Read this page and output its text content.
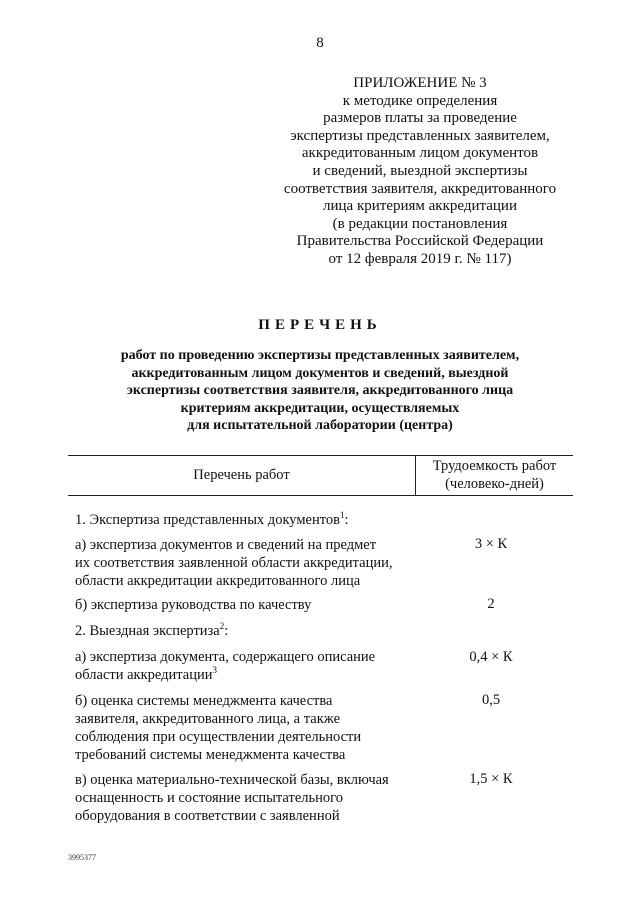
8
ПРИЛОЖЕНИЕ № 3
к методике определения
размеров платы за проведение
экспертизы представленных заявителем,
аккредитованным лицом документов
и сведений, выездной экспертизы
соответствия заявителя, аккредитованного
лица критериям аккредитации
(в редакции постановления
Правительства Российской Федерации
от 12 февраля 2019 г. № 117)
ПЕРЕЧЕНЬ
работ по проведению экспертизы представленных заявителем,
аккредитованным лицом документов и сведений, выездной
экспертизы соответствия заявителя, аккредитованного лица
критериям аккредитации, осуществляемых
для испытательной лаборатории (центра)
Перечень работ
Трудоемкость работ
(человеко-дней)
1. Экспертиза представленных документов$^1$:
а) экспертиза документов и сведений на предмет
их соответствия заявленной области аккредитации,
области аккредитации аккредитованного лица
3 × К
б) экспертиза руководства по качеству	2
2. Выездная экспертиза$^2$:
а) экспертиза документа, содержащего описание
области аккредитации$^3$
0,4 × К
б) оценка системы менеджмента качества
заявителя, аккредитованного лица, а также
соблюдения при осуществлении деятельности
требований системы менеджмента качества
0,5
в) оценка материально-технической базы, включая
оснащенность и состояние испытательного
оборудования в соответствии с заявленной
1,5 × К
3995377
